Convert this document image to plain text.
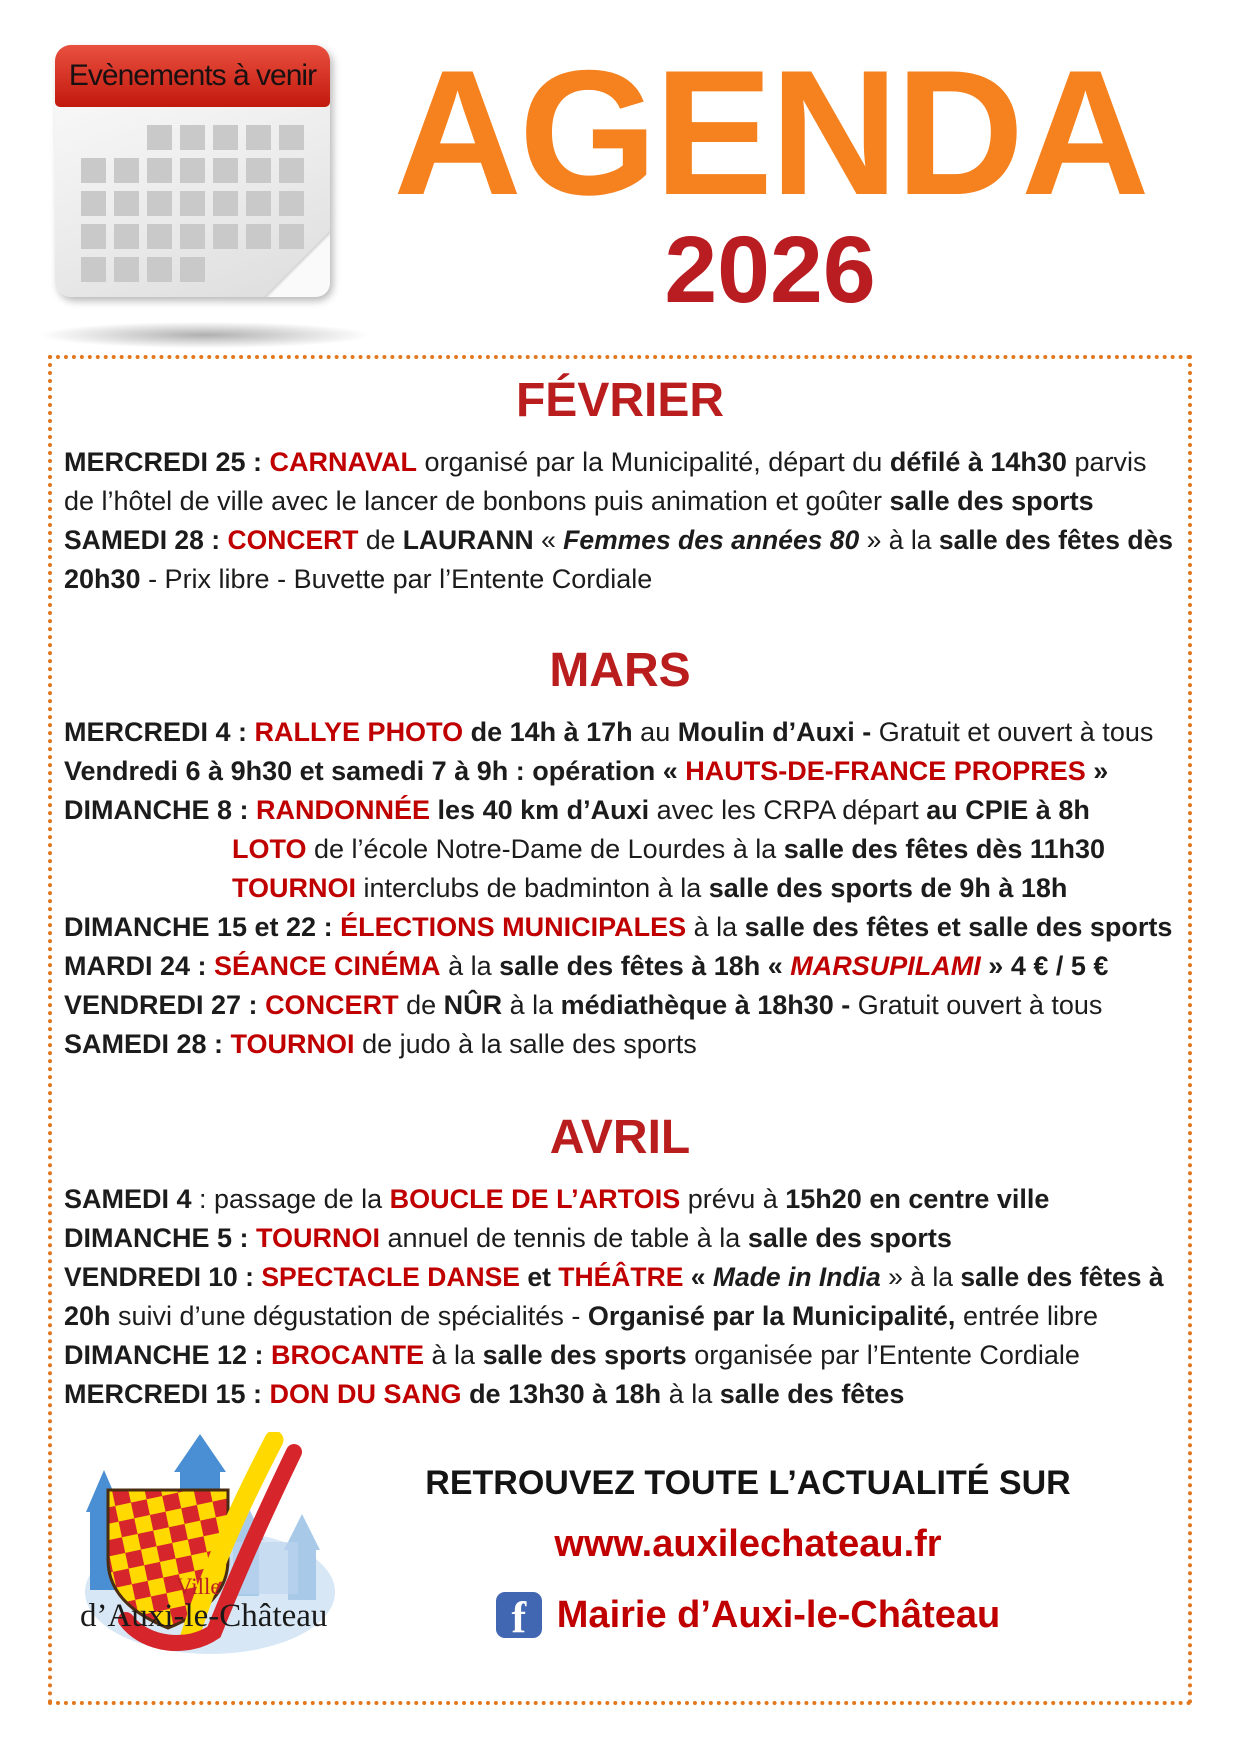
Evènements à venir AGENDA
2026
FÉVRIER
MERCREDI 25 : CARNAVAL organisé par la Municipalité, départ du défilé à 14h30 parvis
de l’hôtel de ville avec le lancer de bonbons puis animation et goûter salle des sports
SAMEDI 28 : CONCERT de LAURANN « Femmes des années 80 » à la salle des fêtes dès
20h30 - Prix libre - Buvette par l’Entente Cordiale
MARS
MERCREDI 4 : RALLYE PHOTO de 14h à 17h au Moulin d’Auxi - Gratuit et ouvert à tous
Vendredi 6 à 9h30 et samedi 7 à 9h : opération « HAUTS-DE-FRANCE PROPRES »
DIMANCHE 8 : RANDONNÉE les 40 km d’Auxi avec les CRPA départ au CPIE à 8h
LOTO de l’école Notre-Dame de Lourdes à la salle des fêtes dès 11h30
TOURNOI interclubs de badminton à la salle des sports de 9h à 18h
DIMANCHE 15 et 22 : ÉLECTIONS MUNICIPALES à la salle des fêtes et salle des sports
MARDI 24 : SÉANCE CINÉMA à la salle des fêtes à 18h « MARSUPILAMI » 4 € / 5 €
VENDREDI 27 : CONCERT de NÛR à la médiathèque à 18h30 - Gratuit ouvert à tous
SAMEDI 28 : TOURNOI de judo à la salle des sports
AVRIL
SAMEDI 4 : passage de la BOUCLE DE L’ARTOIS prévu à 15h20 en centre ville
DIMANCHE 5 : TOURNOI annuel de tennis de table à la salle des sports
VENDREDI 10 : SPECTACLE DANSE et THÉÂTRE « Made in India » à la salle des fêtes à
20h suivi d’une dégustation de spécialités - Organisé par la Municipalité, entrée libre
DIMANCHE 12 : BROCANTE à la salle des sports organisée par l’Entente Cordiale
MERCREDI 15 : DON DU SANG de 13h30 à 18h à la salle des fêtes
Ville
d’Auxi-le-Château
RETROUVEZ TOUTE L’ACTUALITÉ SUR
www.auxilechateau.fr
f Mairie d’Auxi-le-Château
